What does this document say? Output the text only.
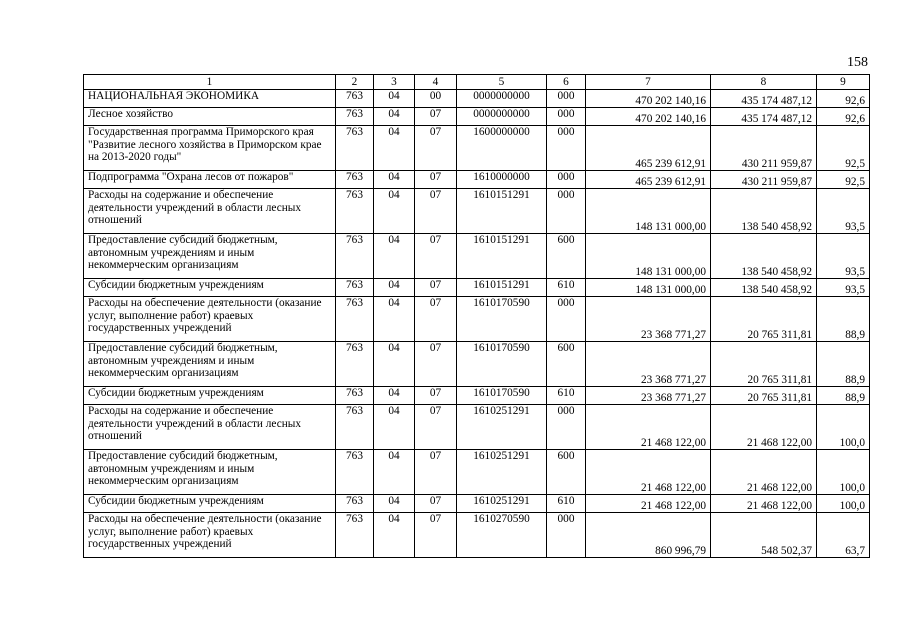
158
1	2	3	4	5	6	7	8	9
НАЦИОНАЛЬНАЯ ЭКОНОМИКА	763	04	00	0000000000	000	470 202 140,16	435 174 487,12	92,6
Лесное хозяйство	763	04	07	0000000000	000	470 202 140,16	435 174 487,12	92,6
Государственная программа Приморского края "Развитие лесного хозяйства в Приморском крае на 2013-2020 годы"	763	04	07	1600000000	000	465 239 612,91	430 211 959,87	92,5
Подпрограмма "Охрана лесов от пожаров"	763	04	07	1610000000	000	465 239 612,91	430 211 959,87	92,5
Расходы на содержание и обеспечение деятельности учреждений в области лесных отношений	763	04	07	1610151291	000	148 131 000,00	138 540 458,92	93,5
Предоставление субсидий бюджетным, автономным учреждениям и иным некоммерческим организациям	763	04	07	1610151291	600	148 131 000,00	138 540 458,92	93,5
Субсидии бюджетным учреждениям	763	04	07	1610151291	610	148 131 000,00	138 540 458,92	93,5
Расходы на обеспечение деятельности (оказание услуг, выполнение работ) краевых государственных учреждений	763	04	07	1610170590	000	23 368 771,27	20 765 311,81	88,9
Предоставление субсидий бюджетным, автономным учреждениям и иным некоммерческим организациям	763	04	07	1610170590	600	23 368 771,27	20 765 311,81	88,9
Субсидии бюджетным учреждениям	763	04	07	1610170590	610	23 368 771,27	20 765 311,81	88,9
Расходы на содержание и обеспечение деятельности учреждений в области лесных отношений	763	04	07	1610251291	000	21 468 122,00	21 468 122,00	100,0
Предоставление субсидий бюджетным, автономным учреждениям и иным некоммерческим организациям	763	04	07	1610251291	600	21 468 122,00	21 468 122,00	100,0
Субсидии бюджетным учреждениям	763	04	07	1610251291	610	21 468 122,00	21 468 122,00	100,0
Расходы на обеспечение деятельности (оказание услуг, выполнение работ) краевых государственных учреждений	763	04	07	1610270590	000	860 996,79	548 502,37	63,7
